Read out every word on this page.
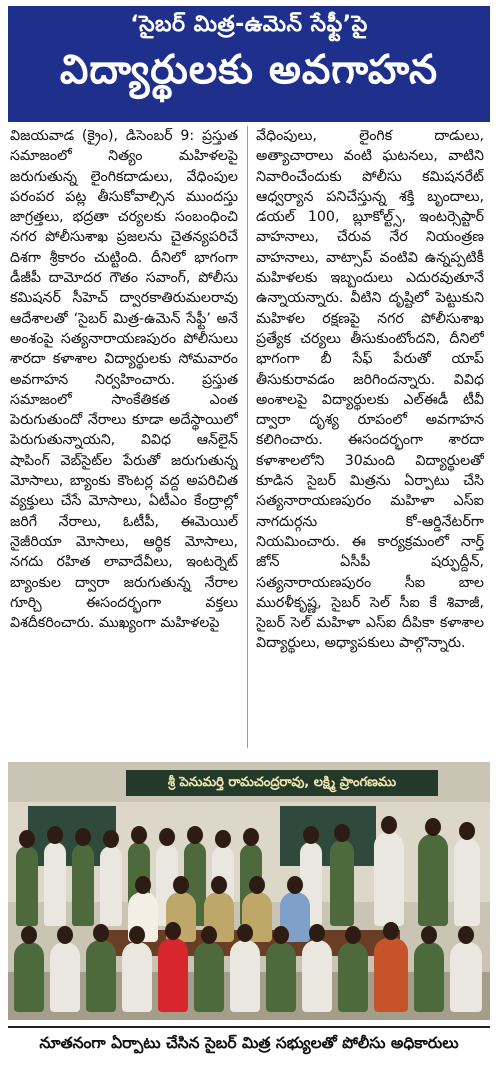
‘సైబర్ మిత్ర-ఉమెన్ సేఫ్టీ’పై
విద్యార్థులకు అవగాహన
విజయవాడ (క్రైం), డిసెంబర్ 9: ప్రస్తుత సమాజంలో నిత్యం మహిళలపై జరుగుతున్న లైంగికదాడులు, వేధింపుల పరంపర పట్ల తీసుకోవాల్సిన ముందస్తు జాగ్రత్తలు, భద్రతా చర్యలకు సంబంధించి నగర పోలీసుశాఖ ప్రజలను చైతన్యపరిచే దిశగా శ్రీకారం చుట్టింది. దీనిలో భాగంగా డీజీపీ దామోదర గౌతం సవాంగ్, పోలీసు కమిషనర్ సీహెచ్ ద్వారకాతిరుమలరావు ఆదేశాలతో ‘సైబర్ మిత్ర-ఉమెన్ సేఫ్టీ’ అనే అంశంపై సత్యనారాయణపురం పోలీసులు శారదా కళాశాల విద్యార్థులకు సోమవారం అవగాహన నిర్వహించారు. ప్రస్తుత సమాజంలో సాంకేతికత ఎంత పెరుగుతుందో నేరాలు కూడా అదేస్థాయిలో పెరుగుతున్నాయని, వివిధ ఆన్‌లైన్ షాపింగ్ వెబ్‌సైట్‌ల పేరుతో జరుగుతున్న మోసాలు, బ్యాంకు కౌంటర్ల వద్ద అపరిచిత వ్యక్తులు చేసే మోసాలు, ఏటీఎం కేంద్రాల్లో జరిగే నేరాలు, ఓటీపీ, ఈమెయిల్ నైజీరియా మోసాలు, ఆర్థిక మోసాలు, నగదు రహిత లావాదేవీలు, ఇంటర్నెట్ బ్యాంకుల ద్వారా జరుగుతున్న నేరాల గూర్చి ఈసందర్భంగా వక్తలు విశదీకరించారు. ముఖ్యంగా మహిళలపై
వేధింపులు, లైంగిక దాడులు, అత్యాచారాలు వంటి ఘటనలు, వాటిని నివారించేందుకు పోలీసు కమిషనరేట్ ఆధ్వర్యాన పనిచేస్తున్న శక్తి బృందాలు, డయల్ 100, బ్లూకోల్ట్స్, ఇంటర్సెప్టార్ వాహనాలు, చేరువ నేర నియంత్రణ వాహనాలు, వాట్సాప్ వంటివి ఉన్నప్పటికీ మహిళలకు ఇబ్బందులు ఎదురవుతూనే ఉన్నాయన్నారు. వీటిని దృష్టిలో పెట్టుకుని మహిళల రక్షణపై నగర పోలీసుశాఖ ప్రత్యేక చర్యలు తీసుకుంటోందని, దీనిలో భాగంగా బీ సేఫ్ పేరుతో యాప్ తీసుకురావడం జరిగిందన్నారు. వివిధ అంశాలపై విద్యార్థులకు ఎల్ఈడీ టీవీ ద్వారా దృశ్య రూపంలో అవగాహన కలిగించారు. ఈసందర్భంగా శారదా కళాశాలలోని 30మంది విద్యార్థులతో కూడిన సైబర్ మిత్రను ఏర్పాటు చేసి సత్యనారాయణపురం మహిళా ఎస్ఐ నాగదుర్గను కో-ఆర్డినేటర్‌గా నియమించారు. ఈ కార్యక్రమంలో నార్త్ జోన్ ఏసీపీ షర్ఫుద్దీన్, సత్యనారాయణపురం సీఐ బాల మురళీకృష్ణ, సైబర్ సెల్ సీఐ కే శివాజీ, సైబర్ సెల్ మహిళా ఎస్ఐ దీపికా కళాశాల విద్యార్థులు, అధ్యాపకులు పాల్గొన్నారు.
శ్రీ పెనుమర్తి రామచంద్రరావు, లక్ష్మి ప్రాంగణము
నూతనంగా ఏర్పాటు చేసిన సైబర్ మిత్ర సభ్యులతో పోలీసు అధికారులు
